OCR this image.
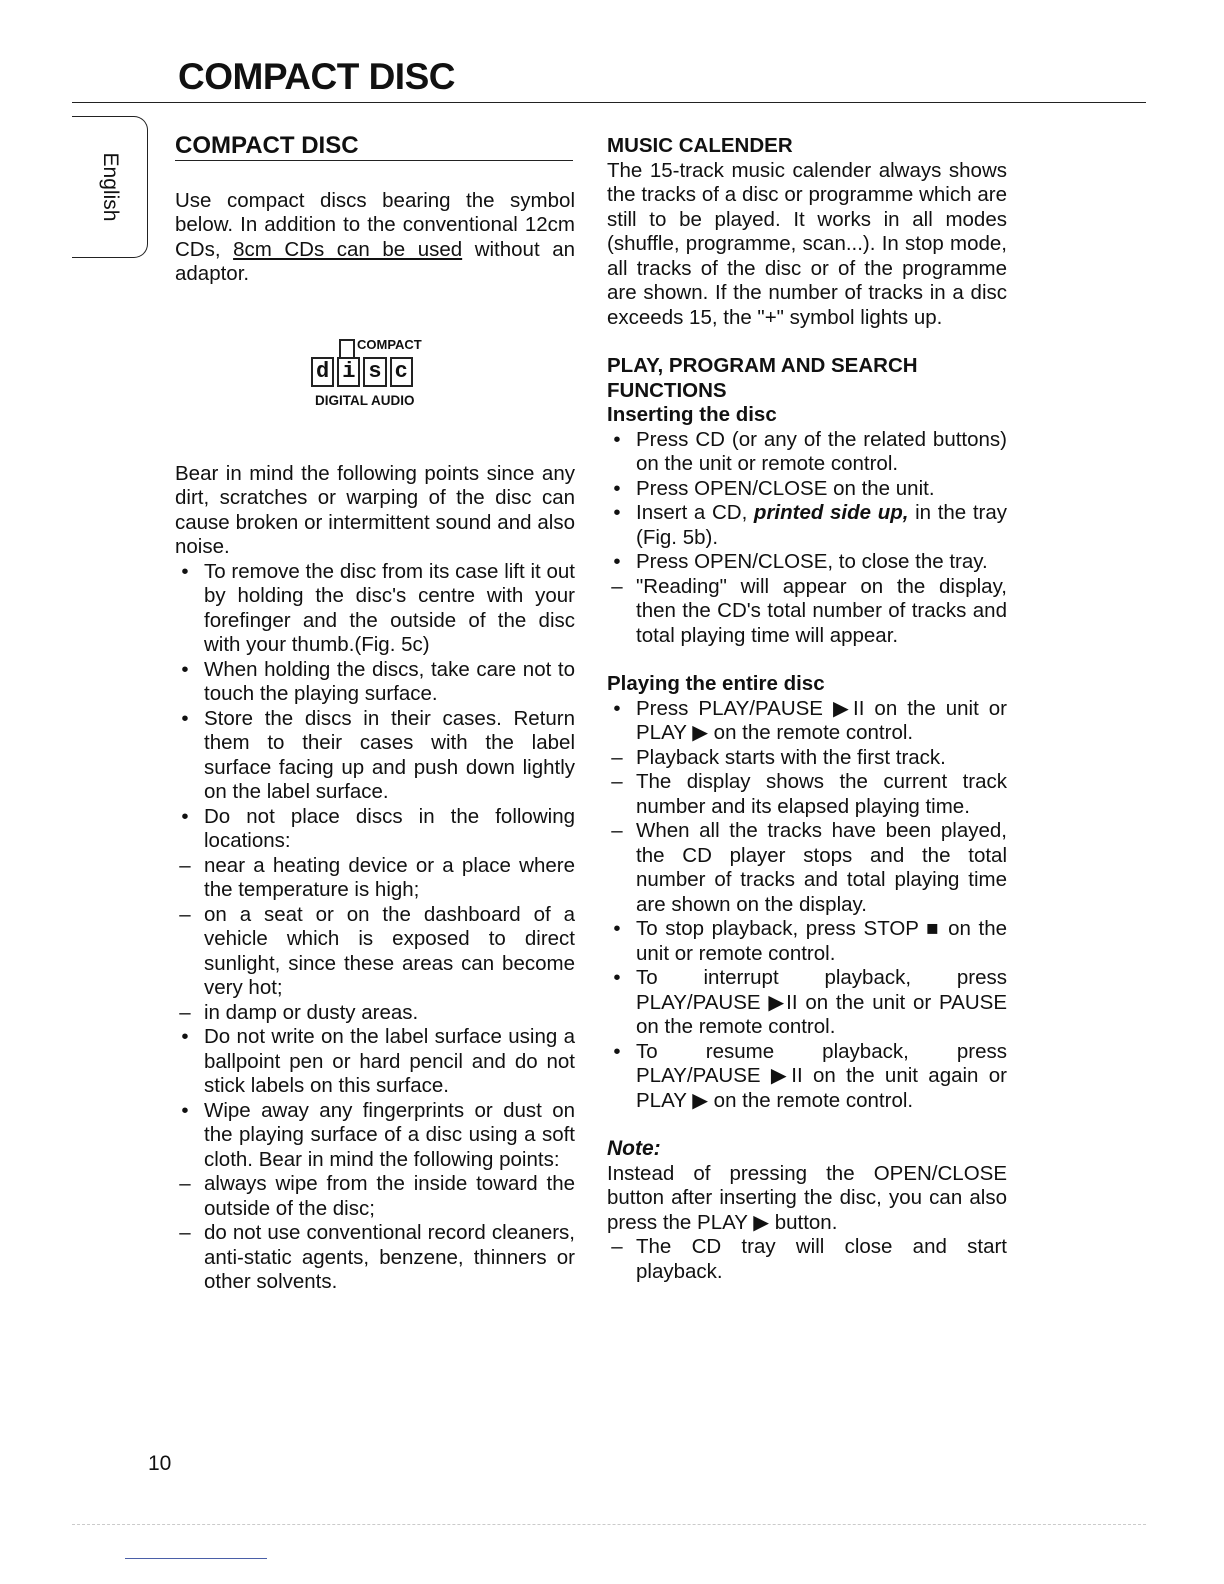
COMPACT DISC
English
COMPACT DISC

Use compact discs bearing the symbol below. In addition to the conventional 12cm CDs, 8cm CDs can be used without an adaptor.

COMPACT
d i s c
DIGITAL AUDIO

Bear in mind the following points since any dirt, scratches or warping of the disc can cause broken or intermittent sound and also noise.

• To remove the disc from its case lift it out by holding the disc's centre with your forefinger and the outside of the disc with your thumb.(Fig. 5c)
• When holding the discs, take care not to touch the playing surface.
• Store the discs in their cases. Return them to their cases with the label surface facing up and push down lightly on the label surface.
• Do not place discs in the following locations:
– near a heating device or a place where the temperature is high;
– on a seat or on the dashboard of a vehicle which is exposed to direct sunlight, since these areas can become very hot;
– in damp or dusty areas.
• Do not write on the label surface using a ballpoint pen or hard pencil and do not stick labels on this surface.
• Wipe away any fingerprints or dust on the playing surface of a disc using a soft cloth. Bear in mind the following points:
– always wipe from the inside toward the outside of the disc;
– do not use conventional record cleaners, anti-static agents, benzene, thinners or other solvents.
MUSIC CALENDER

The 15-track music calender always shows the tracks of a disc or programme which are still to be played. It works in all modes (shuffle, programme, scan...). In stop mode, all tracks of the disc or of the programme are shown. If the number of tracks in a disc exceeds 15, the "+" symbol lights up.

PLAY, PROGRAM AND SEARCH FUNCTIONS
Inserting the disc
• Press CD (or any of the related buttons) on the unit or remote control.
• Press OPEN/CLOSE on the unit.
• Insert a CD, printed side up, in the tray (Fig. 5b).
• Press OPEN/CLOSE, to close the tray.
– "Reading" will appear on the display, then the CD's total number of tracks and total playing time will appear.
Playing the entire disc
• Press PLAY/PAUSE ▶II on the unit or PLAY ▶ on the remote control.
– Playback starts with the first track.
– The display shows the current track number and its elapsed playing time.
– When all the tracks have been played, the CD player stops and the total number of tracks and total playing time are shown on the display.
• To stop playback, press STOP ■ on the unit or remote control.
• To interrupt playback, press PLAY/PAUSE ▶II on the unit or PAUSE on the remote control.
• To resume playback, press PLAY/PAUSE ▶II on the unit again or PLAY ▶ on the remote control.
Note:

Instead of pressing the OPEN/CLOSE button after inserting the disc, you can also press the PLAY ▶ button.

– The CD tray will close and start playback.
10
